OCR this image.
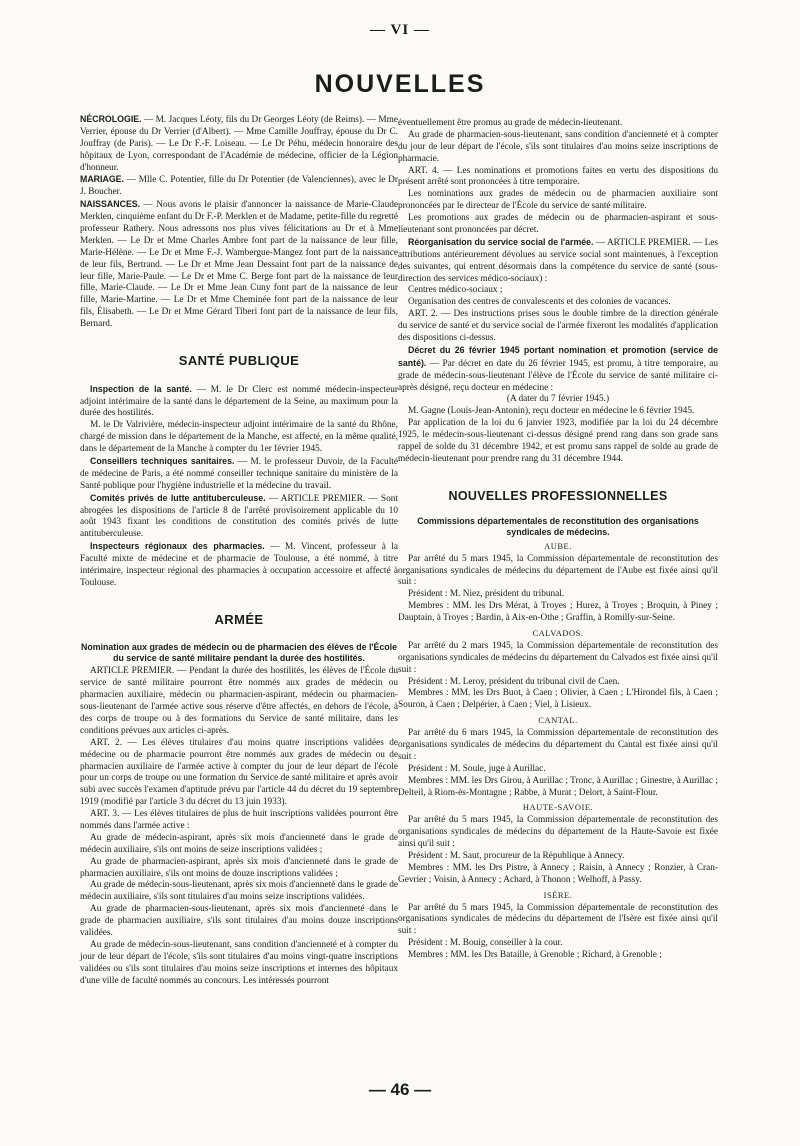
— VI —
NOUVELLES

NÉCROLOGIE. — M. Jacques Léoty, fils du Dr Georges Léoty (de Reims). — Mme Verrier, épouse du Dr Verrier (d'Albert). — Mme Camille Jouffray, épouse du Dr C. Jouffray (de Paris). — Le Dr F.-F. Loiseau. — Le Dr Péhu, médecin honoraire des hôpitaux de Lyon, correspondant de l'Académie de médecine, officier de la Légion d'honneur.

MARIAGE. — Mlle C. Potentier, fille du Dr Potentier (de Valenciennes), avec le Dr J. Boucher.

NAISSANCES. — Nous avons le plaisir d'annoncer la naissance de Marie-Claude Merklen, cinquième enfant du Dr F.-P. Merklen et de Madame, petite-fille du regretté professeur Rathery. Nous adressons nos plus vives félicitations au Dr et à Mme Merklen. — Le Dr et Mme Charles Ambre font part de la naissance de leur fille, Marie-Hélène. — Le Dr et Mme F.-J. Wambergue-Mangez font part de la naissance de leur fils, Bertrand. — Le Dr et Mme Jean Dessaint font part de la naissance de leur fille, Marie-Paule. — Le Dr et Mme C. Berge font part de la naissance de leur fille, Marie-Claude. — Le Dr et Mme Jean Cuny font part de la naissance de leur fille, Marie-Martine. — Le Dr et Mme Cheminée font part de la naissance de leur fils, Élisabeth. — Le Dr et Mme Gérard Tiberi font part de la naissance de leur fils, Bernard.

SANTÉ PUBLIQUE

Inspection de la santé. — M. le Dr Clerc est nommé médecin-inspecteur adjoint intérimaire de la santé dans le département de la Seine, au maximum pour la durée des hostilités.

M. le Dr Valrivière, médecin-inspecteur adjoint intérimaire de la santé du Rhône, chargé de mission dans le département de la Manche, est affecté, en la même qualité, dans le département de la Manche à compter du 1er février 1945.

Conseillers techniques sanitaires. — M. le professeur Duvoir, de la Faculté de médecine de Paris, a été nommé conseiller technique sanitaire du ministère de la Santé publique pour l'hygiène industrielle et la médecine du travail.

Comités privés de lutte antituberculeuse. — ARTICLE PREMIER. — Sont abrogées les dispositions de l'article 8 de l'arrêté provisoirement applicable du 10 août 1943 fixant les conditions de constitution des comités privés de lutte antituberculeuse.

Inspecteurs régionaux des pharmacies. — M. Vincent, professeur à la Faculté mixte de médecine et de pharmacie de Toulouse, a été nommé, à titre intérimaire, inspecteur régional des pharmacies à occupation accessoire et affecté à Toulouse.

ARMÉE
Nomination aux grades de médecin ou de pharmacien des élèves de l'École du service de santé militaire pendant la durée des hostilités.

ARTICLE PREMIER. — Pendant la durée des hostilités, les élèves de l'École du service de santé militaire pourront être nommés aux grades de médecin ou pharmacien auxiliaire, médecin ou pharmacien-aspirant, médecin ou pharmacien-sous-lieutenant de l'armée active sous réserve d'être affectés, en dehors de l'école, à des corps de troupe ou à des formations du Service de santé militaire, dans les conditions prévues aux articles ci-après.

ART. 2. — Les élèves titulaires d'au moins quatre inscriptions validées de médecine ou de pharmacie pourront être nommés aux grades de médecin ou de pharmacien auxiliaire de l'armée active à compter du jour de leur départ de l'école pour un corps de troupe ou une formation du Service de santé militaire et après avoir subi avec succès l'examen d'aptitude prévu par l'article 44 du décret du 19 septembre 1919 (modifié par l'article 3 du décret du 13 juin 1933).

ART. 3. — Les élèves titulaires de plus de huit inscriptions validées pourront être nommés dans l'armée active :

Au grade de médecin-aspirant, après six mois d'ancienneté dans le grade de médecin auxiliaire, s'ils ont moins de seize inscriptions validées ;

Au grade de pharmacien-aspirant, après six mois d'ancienneté dans le grade de pharmacien auxiliaire, s'ils ont moins de douze inscriptions validées ;

Au grade de médecin-sous-lieutenant, après six mois d'ancienneté dans le grade de médecin auxiliaire, s'ils sont titulaires d'au moins seize inscriptions validées.

Au grade de pharmacien-sous-lieutenant, après six mois d'ancienneté dans le grade de pharmacien auxiliaire, s'ils sont titulaires d'au moins douze inscriptions validées.

Au grade de médecin-sous-lieutenant, sans condition d'ancienneté et à compter du jour de leur départ de l'école, s'ils sont titulaires d'au moins vingt-quatre inscriptions validées ou s'ils sont titulaires d'au moins seize inscriptions et internes des hôpitaux d'une ville de faculté nommés au concours. Les intéressés pourront

éventuellement être promus au grade de médecin-lieutenant.

Au grade de pharmacien-sous-lieutenant, sans condition d'ancienneté et à compter du jour de leur départ de l'école, s'ils sont titulaires d'au moins seize inscriptions de pharmacie.

ART. 4. — Les nominations et promotions faites en vertu des dispositions du présent arrêté sont prononcées à titre temporaire.

Les nominations aux grades de médecin ou de pharmacien auxiliaire sont prononcées par le directeur de l'École du service de santé militaire.

Les promotions aux grades de médecin ou de pharmacien-aspirant et sous-lieutenant sont prononcées par décret.

Réorganisation du service social de l'armée. — ARTICLE PREMIER. — Les attributions antérieurement dévolues au service social sont maintenues, à l'exception des suivantes, qui entrent désormais dans la compétence du service de santé (sous-direction des services médico-sociaux) :

Centres médico-sociaux ;

Organisation des centres de convalescents et des colonies de vacances.

ART. 2. — Des instructions prises sous le double timbre de la direction générale du service de santé et du service social de l'armée fixeront les modalités d'application des dispositions ci-dessus.

Décret du 26 février 1945 portant nomination et promotion (service de santé). — Par décret en date du 26 février 1945, est promu, à titre temporaire, au grade de médecin-sous-lieutenant l'élève de l'École du service de santé militaire ci-après désigné, reçu docteur en médecine :

(A dater du 7 février 1945.)

M. Gagne (Louis-Jean-Antonin), reçu docteur en médecine le 6 février 1945.

Par application de la loi du 6 janvier 1923, modifiée par la loi du 24 décembre 1925, le médecin-sous-lieutenant ci-dessus désigné prend rang dans son grade sans rappel de solde du 31 décembre 1942, et est promu sans rappel de solde au grade de médecin-lieutenant pour prendre rang du 31 décembre 1944.

NOUVELLES PROFESSIONNELLES
Commissions départementales de reconstitution des organisations syndicales de médecins.
AUBE.

Par arrêté du 5 mars 1945, la Commission départementale de reconstitution des organisations syndicales de médecins du département de l'Aube est fixée ainsi qu'il suit :

Président : M. Niez, président du tribunal.

Membres : MM. les Drs Mérat, à Troyes ; Hurez, à Troyes ; Broquin, à Piney ; Dauptain, à Troyes ; Bardin, à Aix-en-Othe ; Graffin, à Romilly-sur-Seine.

CALVADOS.

Par arrêté du 2 mars 1945, la Commission départementale de reconstitution des organisations syndicales de médecins du département du Calvados est fixée ainsi qu'il suit :

Président : M. Leroy, président du tribunal civil de Caen.

Membres : MM. les Drs Buot, à Caen ; Olivier, à Caen ; L'Hirondel fils, à Caen ; Souron, à Caen ; Delpérier, à Caen ; Viel, à Lisieux.

CANTAL.

Par arrêté du 6 mars 1945, la Commission départementale de reconstitution des organisations syndicales de médecins du département du Cantal est fixée ainsi qu'il suit :

Président : M. Soule, juge à Aurillac.

Membres : MM. les Drs Girou, à Aurillac ; Tronc, à Aurillac ; Ginestre, à Aurillac ; Delteil, à Riom-ès-Montagne ; Rabbe, à Murat ; Delort, à Saint-Flour.

HAUTE-SAVOIE.

Par arrêté du 5 mars 1945, la Commission départementale de reconstitution des organisations syndicales de médecins du département de la Haute-Savoie est fixée ainsi qu'il suit :

Président : M. Saut, procureur de la République à Annecy.

Membres : MM. les Drs Pistre, à Annecy ; Raisin, à Annecy ; Ronzier, à Cran-Gevrier ; Voisin, à Annecy ; Achard, à Thonon ; Welhoff, à Passy.

ISÈRE.

Par arrêté du 5 mars 1945, la Commission départementale de reconstitution des organisations syndicales de médecins du département de l'Isère est fixée ainsi qu'il suit :

Président : M. Bouig, conseiller à la cour.

Membres : MM. les Drs Bataille, à Grenoble ; Richard, à Grenoble ;

— 46 —
